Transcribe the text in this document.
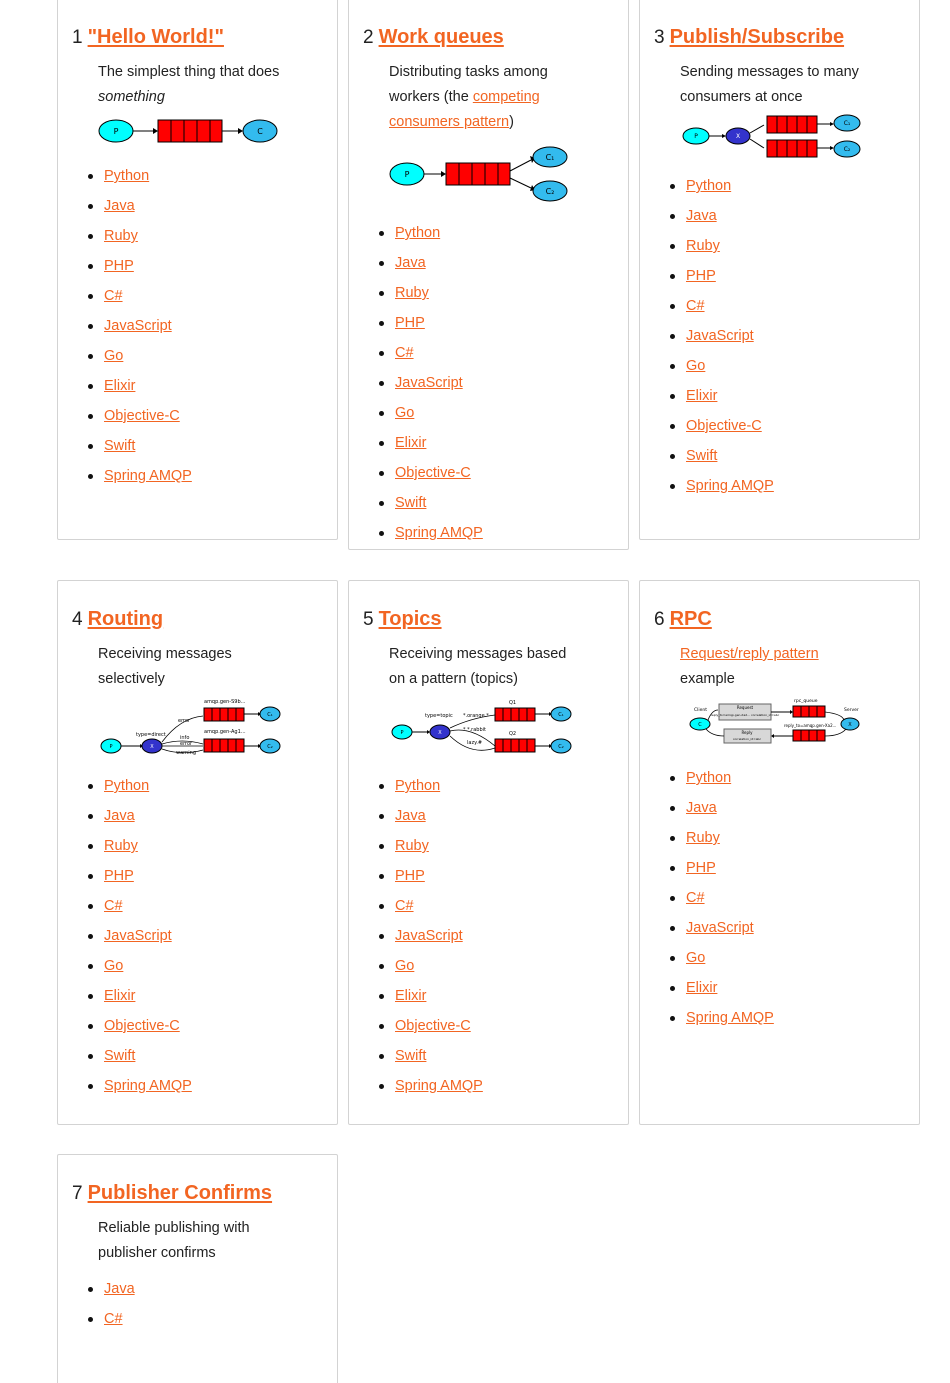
1 "Hello World!"
The simplest thing that does something
P	C
Python
Java
Ruby
PHP
C#
JavaScript
Go
Elixir
Objective-C
Swift
Spring AMQP
2 Work queues
Distributing tasks among workers (the competing consumers pattern)
P
C₁
C₂
Python
Java
Ruby
PHP
C#
JavaScript
Go
Elixir
Objective-C
Swift
Spring AMQP
3 Publish/Subscribe
Sending messages to many consumers at once
P	X
C₁
C₂
Python
Java
Ruby
PHP
C#
JavaScript
Go
Elixir
Objective-C
Swift
Spring AMQP
4 Routing
Receiving messages selectively
amqp.gen-S9b...
amqp.gen-Ag1...
P	X
type=direct
error
info
error
warning
C₁
C₂
Python
Java
Ruby
PHP
C#
JavaScript
Go
Elixir
Objective-C
Swift
Spring AMQP
5 Topics
Receiving messages based on a pattern (topics)
Q1
Q2
P	X
type=topic *.orange.*
*.*.rabbit
lazy.#
C₁
C₂
Python
Java
Ruby
PHP
C#
JavaScript
Go
Elixir
Objective-C
Swift
Spring AMQP
6 RPC
Request/reply pattern
example
Client	Server
rpc_queue
reply_to=amqp.gen-Xa2...
C
Request
reply_to=amqp.gen-Xa2... correlation_id=abc
X
Reply
correlation_id=abc
Python
Java
Ruby
PHP
C#
JavaScript
Go
Elixir
Spring AMQP
7 Publisher Confirms
Reliable publishing with publisher confirms
Java
C#
